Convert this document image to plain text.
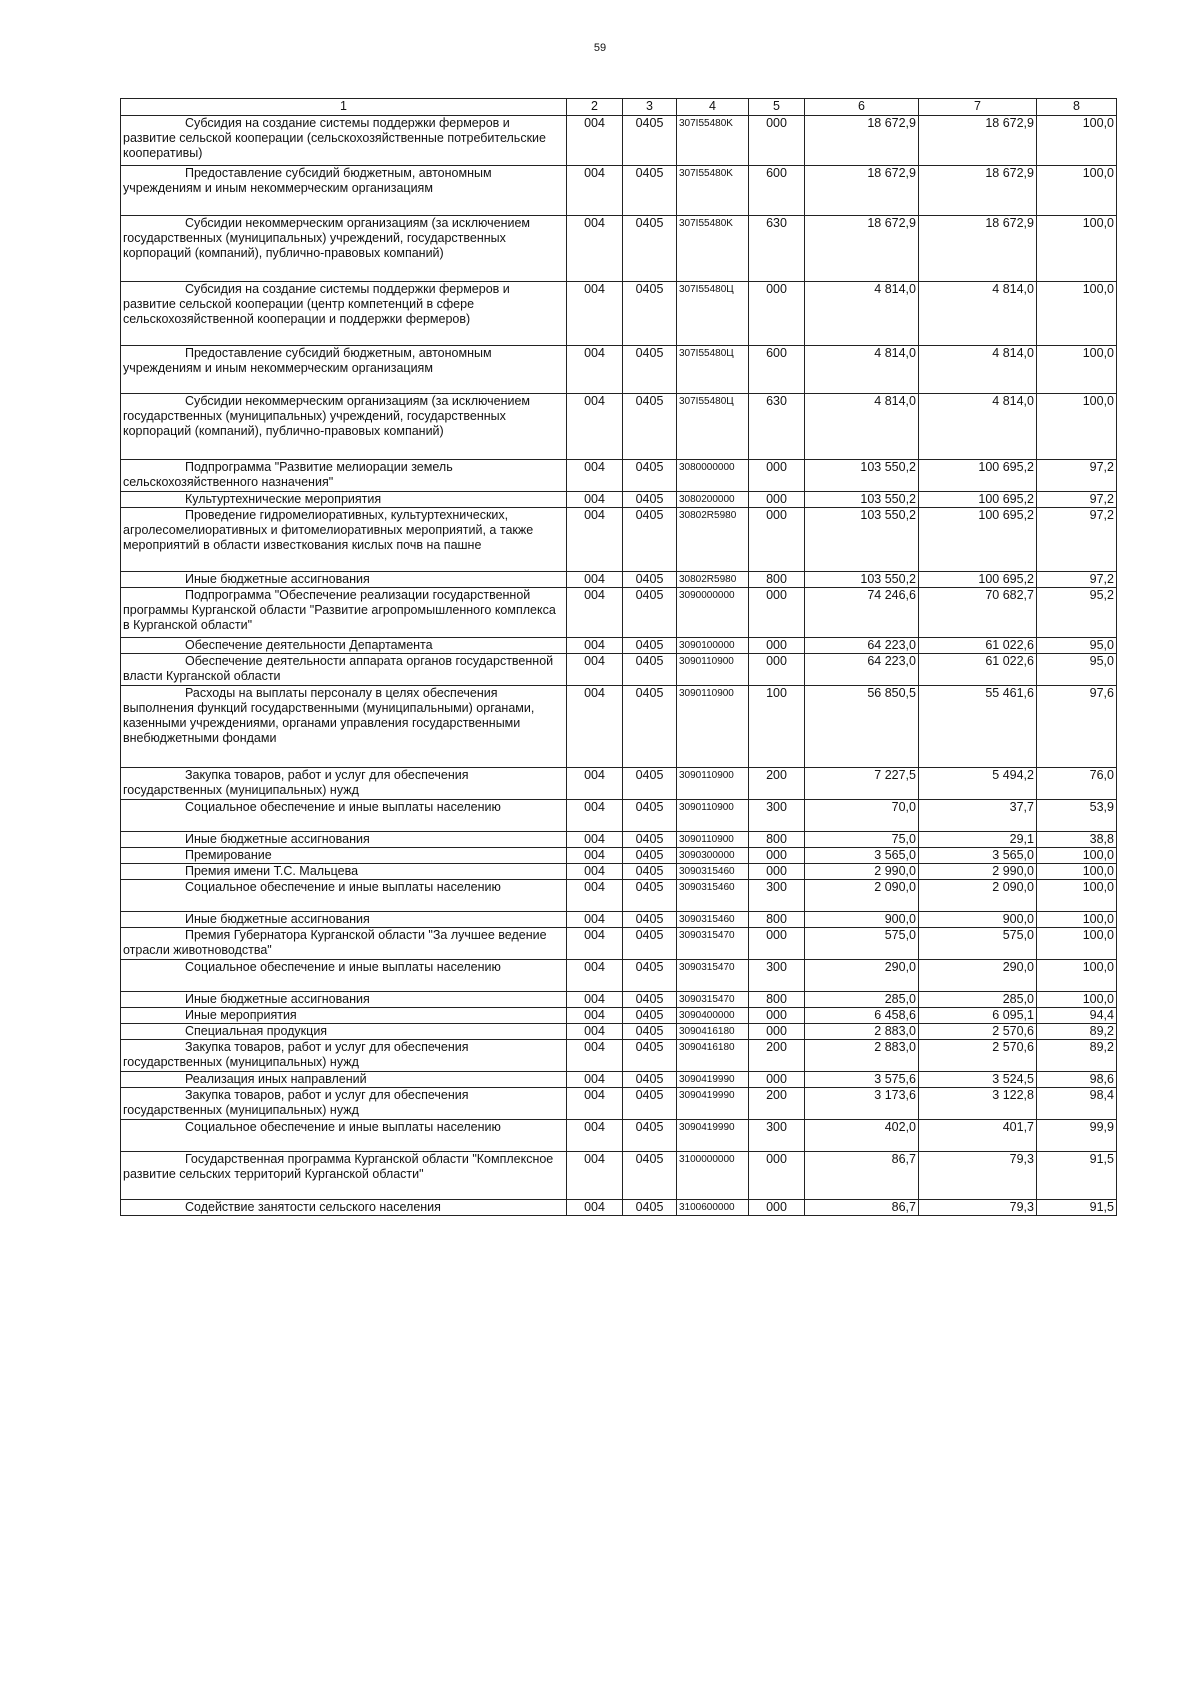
59
1	2	3	4	5	6	7	8
Субсидия на создание системы поддержки фермеров и развитие сельской кооперации (сельскохозяйственные потребительские кооперативы)	004	0405	307I55480K	000	18 672,9	18 672,9	100,0
Предоставление субсидий бюджетным, автономным учреждениям и иным некоммерческим организациям	004	0405	307I55480K	600	18 672,9	18 672,9	100,0
Субсидии некоммерческим организациям (за исключением государственных (муниципальных) учреждений, государственных корпораций (компаний), публично-правовых компаний)	004	0405	307I55480K	630	18 672,9	18 672,9	100,0
Субсидия на создание системы поддержки фермеров и развитие сельской кооперации (центр компетенций в сфере сельскохозяйственной кооперации и поддержки фермеров)	004	0405	307I55480Ц	000	4 814,0	4 814,0	100,0
Предоставление субсидий бюджетным, автономным учреждениям и иным некоммерческим организациям	004	0405	307I55480Ц	600	4 814,0	4 814,0	100,0
Субсидии некоммерческим организациям (за исключением государственных (муниципальных) учреждений, государственных корпораций (компаний), публично-правовых компаний)	004	0405	307I55480Ц	630	4 814,0	4 814,0	100,0
Подпрограмма "Развитие мелиорации земель сельскохозяйственного назначения"	004	0405	3080000000	000	103 550,2	100 695,2	97,2
Культуртехнические мероприятия	004	0405	3080200000	000	103 550,2	100 695,2	97,2
Проведение гидромелиоративных, культуртехнических, агролесомелиоративных и фитомелиоративных мероприятий, а также мероприятий в области известкования кислых почв на пашне	004	0405	30802R5980	000	103 550,2	100 695,2	97,2
Иные бюджетные ассигнования	004	0405	30802R5980	800	103 550,2	100 695,2	97,2
Подпрограмма "Обеспечение реализации государственной программы Курганской области "Развитие агропромышленного комплекса в Курганской области"	004	0405	3090000000	000	74 246,6	70 682,7	95,2
Обеспечение деятельности Департамента	004	0405	3090100000	000	64 223,0	61 022,6	95,0
Обеспечение деятельности аппарата органов государственной власти Курганской области	004	0405	3090110900	000	64 223,0	61 022,6	95,0
Расходы на выплаты персоналу в целях обеспечения выполнения функций государственными (муниципальными) органами, казенными учреждениями, органами управления государственными внебюджетными фондами	004	0405	3090110900	100	56 850,5	55 461,6	97,6
Закупка товаров, работ и услуг для обеспечения государственных (муниципальных) нужд	004	0405	3090110900	200	7 227,5	5 494,2	76,0
Социальное обеспечение и иные выплаты населению	004	0405	3090110900	300	70,0	37,7	53,9
Иные бюджетные ассигнования	004	0405	3090110900	800	75,0	29,1	38,8
Премирование	004	0405	3090300000	000	3 565,0	3 565,0	100,0
Премия имени Т.С. Мальцева	004	0405	3090315460	000	2 990,0	2 990,0	100,0
Социальное обеспечение и иные выплаты населению	004	0405	3090315460	300	2 090,0	2 090,0	100,0
Иные бюджетные ассигнования	004	0405	3090315460	800	900,0	900,0	100,0
Премия Губернатора Курганской области "За лучшее ведение отрасли животноводства"	004	0405	3090315470	000	575,0	575,0	100,0
Социальное обеспечение и иные выплаты населению	004	0405	3090315470	300	290,0	290,0	100,0
Иные бюджетные ассигнования	004	0405	3090315470	800	285,0	285,0	100,0
Иные мероприятия	004	0405	3090400000	000	6 458,6	6 095,1	94,4
Специальная продукция	004	0405	3090416180	000	2 883,0	2 570,6	89,2
Закупка товаров, работ и услуг для обеспечения государственных (муниципальных) нужд	004	0405	3090416180	200	2 883,0	2 570,6	89,2
Реализация иных направлений	004	0405	3090419990	000	3 575,6	3 524,5	98,6
Закупка товаров, работ и услуг для обеспечения государственных (муниципальных) нужд	004	0405	3090419990	200	3 173,6	3 122,8	98,4
Социальное обеспечение и иные выплаты населению	004	0405	3090419990	300	402,0	401,7	99,9
Государственная программа Курганской области "Комплексное развитие сельских территорий Курганской области"	004	0405	3100000000	000	86,7	79,3	91,5
Содействие занятости сельского населения	004	0405	3100600000	000	86,7	79,3	91,5
